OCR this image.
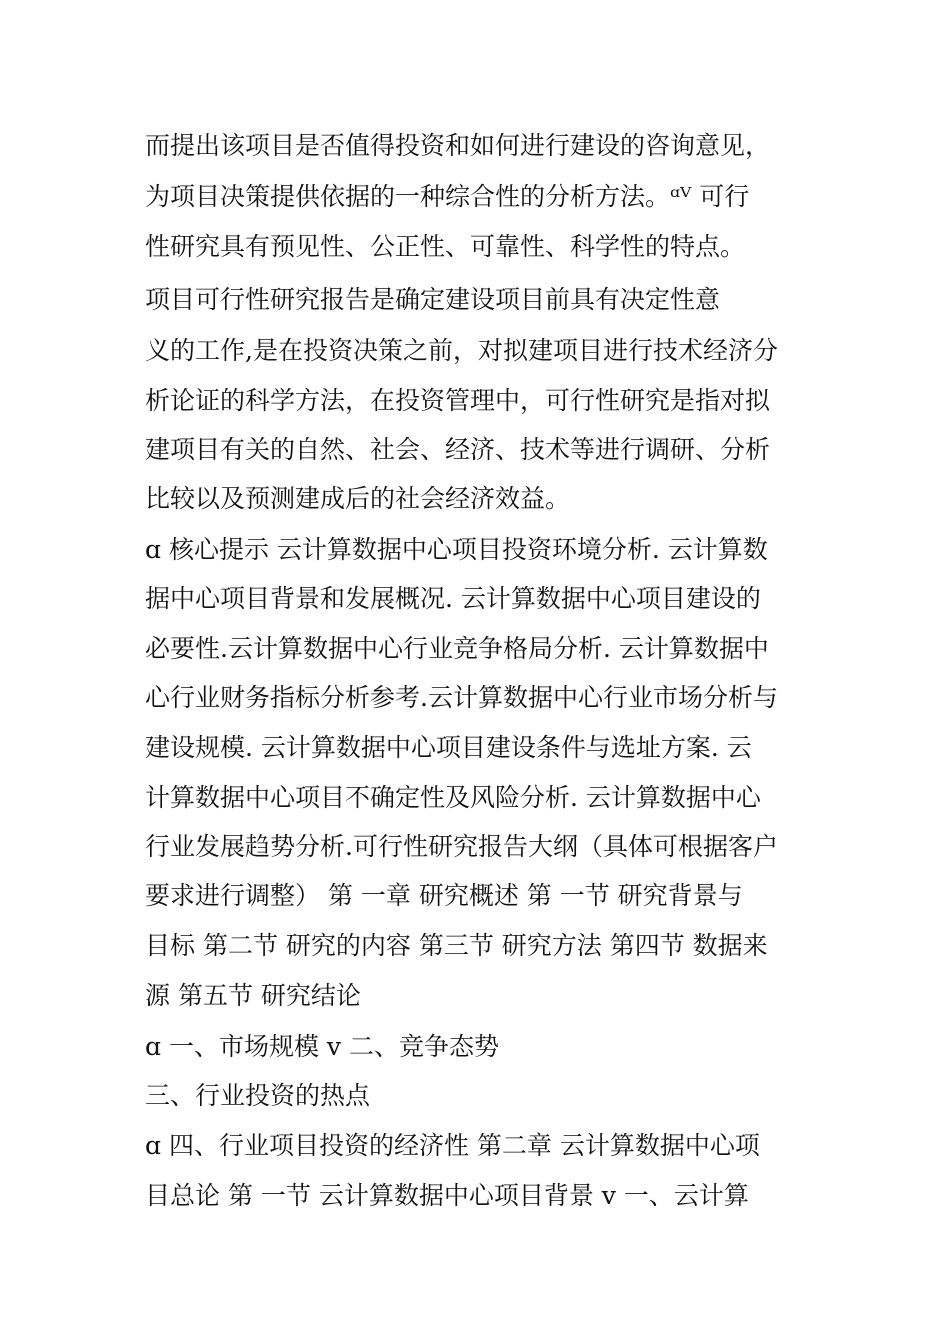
而提出该项目是否值得投资和如何进行建设的咨询意见，
为项目决策提供依据的一种综合性的分析方法。ᵅⱽ 可行
性研究具有预见性、公正性、可靠性、科学性的特点。
项目可行性研究报告是确定建设项目前具有决定性意
义的工作,是在投资决策之前，对拟建项目进行技术经济分
析论证的科学方法，在投资管理中，可行性研究是指对拟
建项目有关的自然、社会、经济、技术等进行调研、分析
比较以及预测建成后的社会经济效益。
ɑ 核心提示 云计算数据中心项目投资环境分析. 云计算数
据中心项目背景和发展概况. 云计算数据中心项目建设的
必要性.云计算数据中心行业竞争格局分析. 云计算数据中
心行业财务指标分析参考.云计算数据中心行业市场分析与
建设规模. 云计算数据中心项目建设条件与选址方案. 云
计算数据中心项目不确定性及风险分析. 云计算数据中心
行业发展趋势分析.可行性研究报告大纲（具体可根据客户
要求进行调整） 第 一章 研究概述 第 一节 研究背景与
目标 第二节 研究的内容 第三节 研究方法 第四节 数据来
源 第五节 研究结论
ɑ 一、市场规模 ᴠ 二、竞争态势
三、行业投资的热点
ɑ 四、行业项目投资的经济性 第二章 云计算数据中心项
目总论 第 一节 云计算数据中心项目背景 ᴠ 一、云计算
